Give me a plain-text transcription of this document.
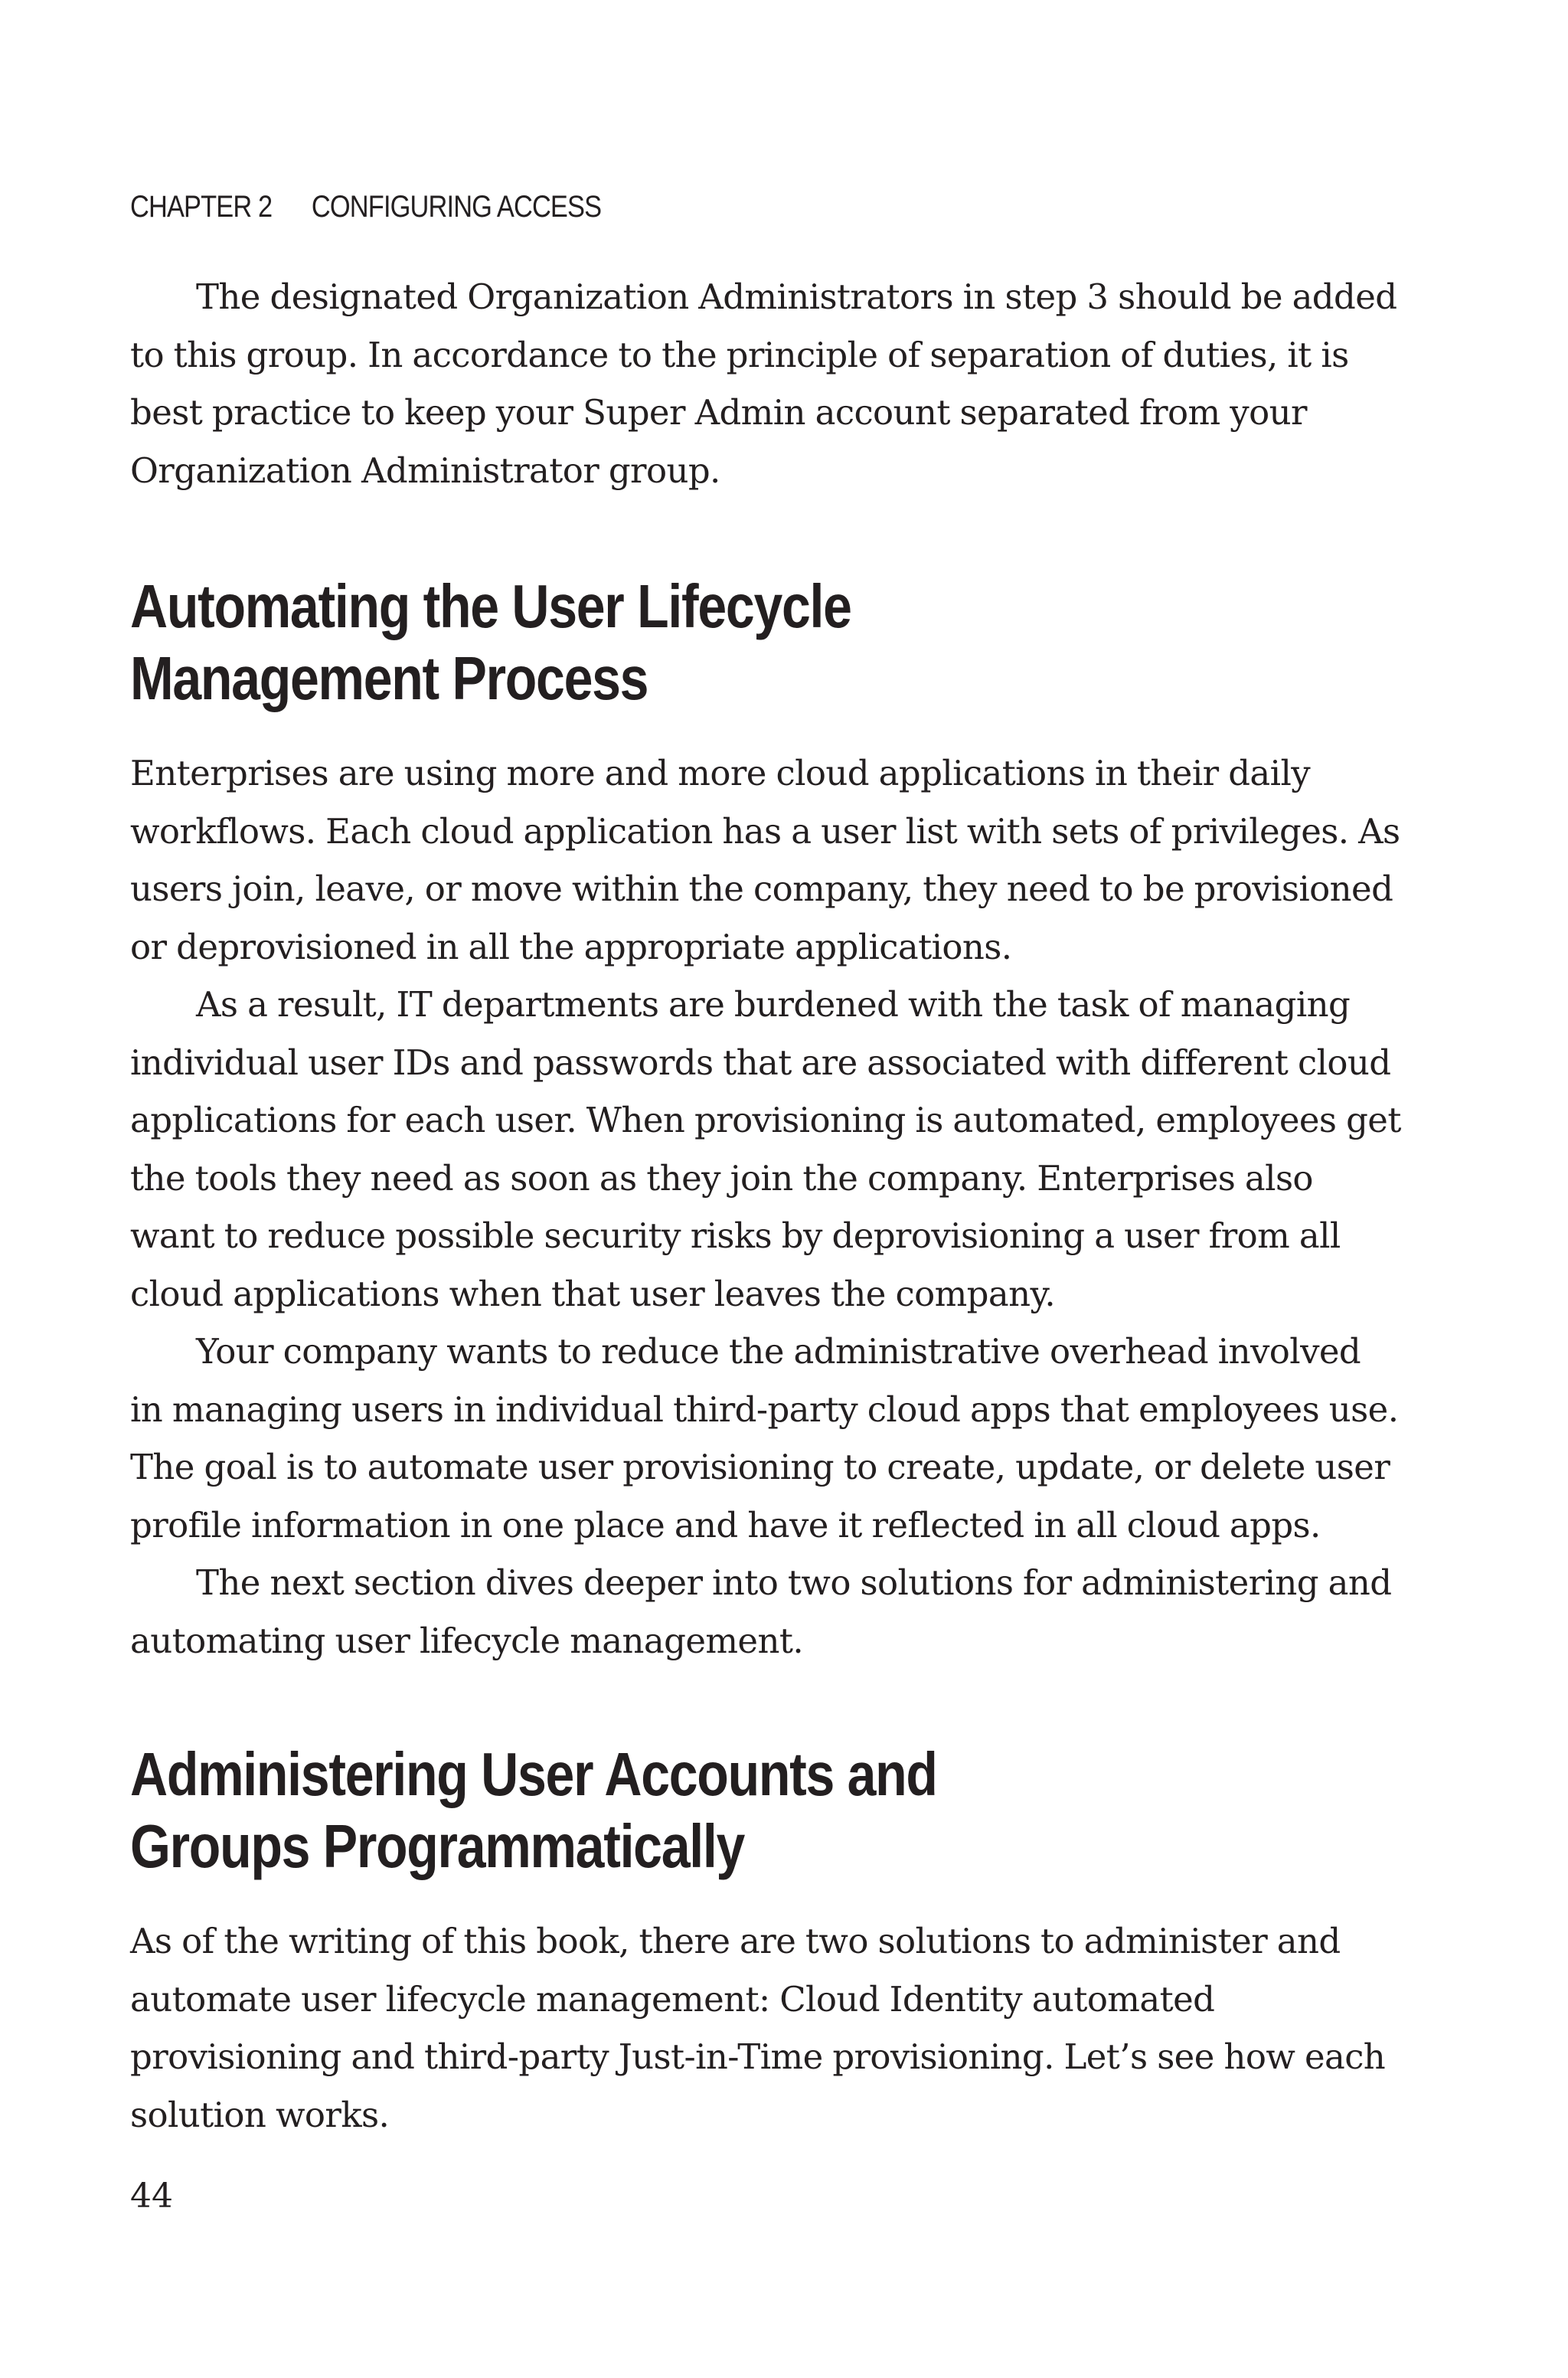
CHAPTER 2 CONFIGURING ACCESS

The designated Organization Administrators in step 3 should be added to this group. In accordance to the principle of separation of duties, it is best practice to keep your Super Admin account separated from your Organization Administrator group.

Automating the User Lifecycle Management Process

Enterprises are using more and more cloud applications in their daily workflows. Each cloud application has a user list with sets of privileges. As users join, leave, or move within the company, they need to be provisioned or deprovisioned in all the appropriate applications.

As a result, IT departments are burdened with the task of managing individual user IDs and passwords that are associated with different cloud applications for each user. When provisioning is automated, employees get the tools they need as soon as they join the company. Enterprises also want to reduce possible security risks by deprovisioning a user from all cloud applications when that user leaves the company.

Your company wants to reduce the administrative overhead involved in managing users in individual third-party cloud apps that employees use. The goal is to automate user provisioning to create, update, or delete user profile information in one place and have it reflected in all cloud apps.

The next section dives deeper into two solutions for administering and automating user lifecycle management.

Administering User Accounts and Groups Programmatically

As of the writing of this book, there are two solutions to administer and automate user lifecycle management: Cloud Identity automated provisioning and third-party Just-in-Time provisioning. Let’s see how each solution works.

44
